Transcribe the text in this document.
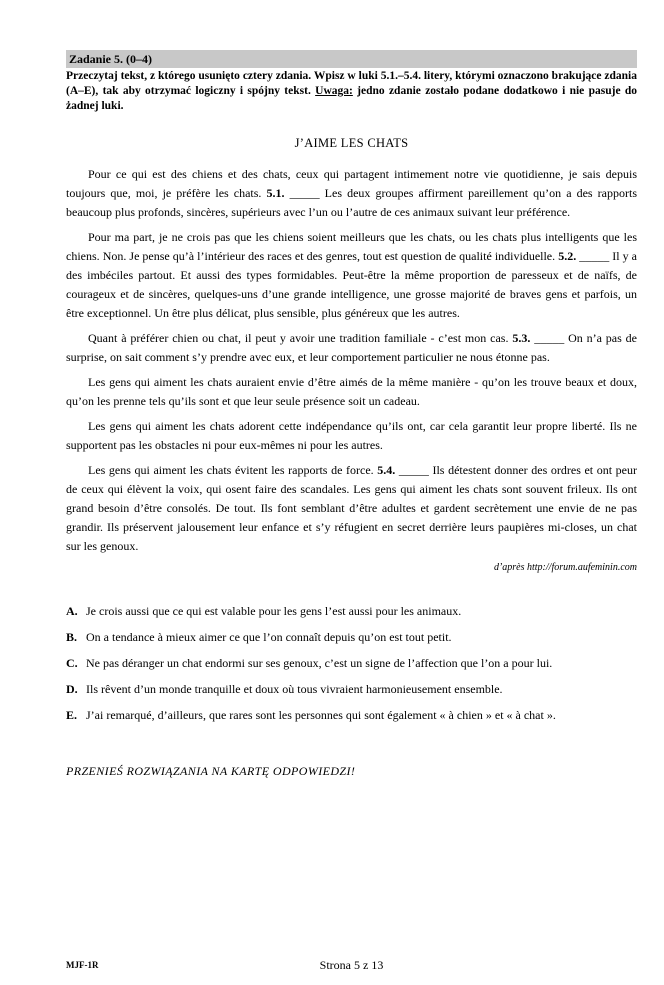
Zadanie 5. (0–4)
Przeczytaj tekst, z którego usunięto cztery zdania. Wpisz w luki 5.1.–5.4. litery, którymi oznaczono brakujące zdania (A–E), tak aby otrzymać logiczny i spójny tekst. Uwaga: jedno zdanie zostało podane dodatkowo i nie pasuje do żadnej luki.
J’AIME LES CHATS

Pour ce qui est des chiens et des chats, ceux qui partagent intimement notre vie quotidienne, je sais depuis toujours que, moi, je préfère les chats. 5.1. _____ Les deux groupes affirment pareillement qu’on a des rapports beaucoup plus profonds, sincères, supérieurs avec l’un ou l’autre de ces animaux suivant leur préférence.

Pour ma part, je ne crois pas que les chiens soient meilleurs que les chats, ou les chats plus intelligents que les chiens. Non. Je pense qu’à l’intérieur des races et des genres, tout est question de qualité individuelle. 5.2. _____ Il y a des imbéciles partout. Et aussi des types formidables. Peut-être la même proportion de paresseux et de naïfs, de courageux et de sincères, quelques-uns d’une grande intelligence, une grosse majorité de braves gens et parfois, un être exceptionnel. Un être plus délicat, plus sensible, plus généreux que les autres.

Quant à préférer chien ou chat, il peut y avoir une tradition familiale - c’est mon cas. 5.3. _____ On n’a pas de surprise, on sait comment s’y prendre avec eux, et leur comportement particulier ne nous étonne pas.

Les gens qui aiment les chats auraient envie d’être aimés de la même manière - qu’on les trouve beaux et doux, qu’on les prenne tels qu’ils sont et que leur seule présence soit un cadeau.

Les gens qui aiment les chats adorent cette indépendance qu’ils ont, car cela garantit leur propre liberté. Ils ne supportent pas les obstacles ni pour eux-mêmes ni pour les autres.

Les gens qui aiment les chats évitent les rapports de force. 5.4. _____ Ils détestent donner des ordres et ont peur de ceux qui élèvent la voix, qui osent faire des scandales. Les gens qui aiment les chats sont souvent frileux. Ils ont grand besoin d’être consolés. De tout. Ils font semblant d’être adultes et gardent secrètement une envie de ne pas grandir. Ils préservent jalousement leur enfance et s’y réfugient en secret derrière leurs paupières mi-closes, un chat sur les genoux.

d’après http://forum.aufeminin.com
A. Je crois aussi que ce qui est valable pour les gens l’est aussi pour les animaux.
B. On a tendance à mieux aimer ce que l’on connaît depuis qu’on est tout petit.
C. Ne pas déranger un chat endormi sur ses genoux, c’est un signe de l’affection que l’on a pour lui.
D. Ils rêvent d’un monde tranquille et doux où tous vivraient harmonieusement ensemble.
E. J’ai remarqué, d’ailleurs, que rares sont les personnes qui sont également « à chien » et « à chat ».
PRZENIEŚ ROZWIĄZANIA NA KARTĘ ODPOWIEDZI!
MJF-1R	Strona 5 z 13
